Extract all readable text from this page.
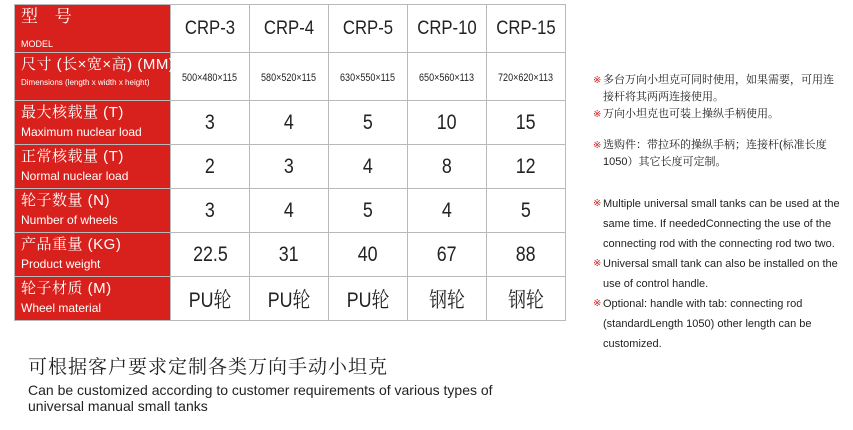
型 号
MODEL	CRP-3	CRP-4	CRP-5	CRP-10	CRP-15

尺寸 (长×宽×高) (MM)
Dimensions (length x width x height)	500×480×115	580×520×115	630×550×115	650×560×113	720×620×113

最大核载量 (T)
Maximum nuclear load	3	4	5	10	15

正常核载量 (T)
Normal nuclear load	2	3	4	8	12

轮子数量 (N)
Number of wheels	3	4	5	4	5

产品重量 (KG)
Product weight	22.5	31	40	67	88

轮子材质 (M)
Wheel material	PU轮	PU轮	PU轮	钢轮	钢轮

※ 多台万向小坦克可同时使用，如果需要，可用连接杆将其两两连接使用。

※ 万向小坦克也可装上操纵手柄使用。

※ 选购件：带拉环的操纵手柄；连接杆(标准长度1050）其它长度可定制。

※ Multiple universal small tanks can be used at the same time. If neededConnecting the use of the connecting rod with the connecting rod two two.

※ Universal small tank can also be installed on the use of control handle.

※ Optional: handle with tab: connecting rod (standardLength 1050) other length can be customized.

可根据客户要求定制各类万向手动小坦克
Can be customized according to customer requirements of various types of universal manual small tanks
